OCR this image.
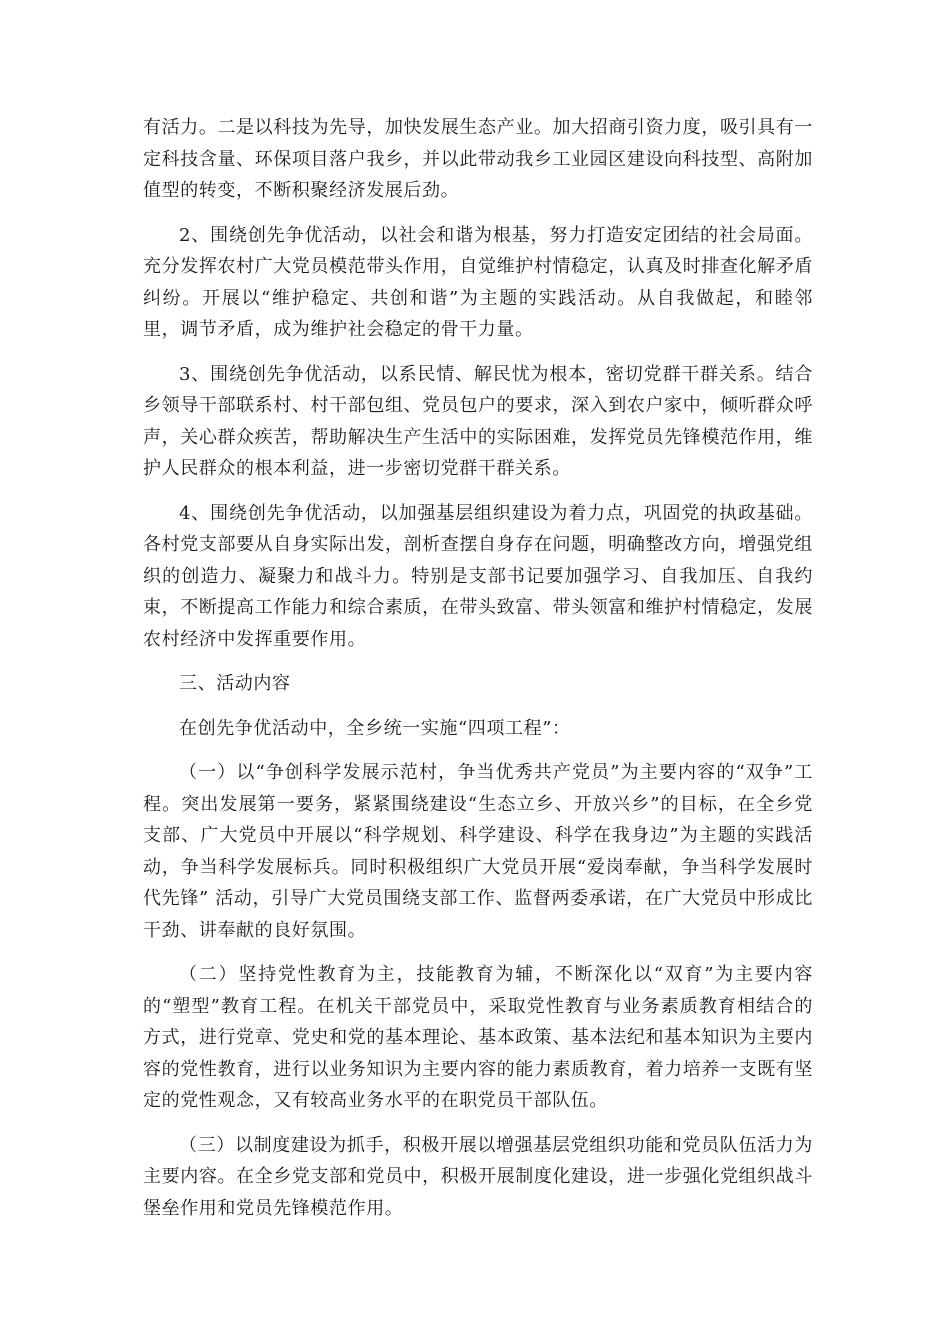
有活力。二是以科技为先导，加快发展生态产业。加大招商引资力度，吸引具有一定科技含量、环保项目落户我乡，并以此带动我乡工业园区建设向科技型、高附加值型的转变，不断积聚经济发展后劲。

2、围绕创先争优活动，以社会和谐为根基，努力打造安定团结的社会局面。充分发挥农村广大党员模范带头作用，自觉维护村情稳定，认真及时排查化解矛盾纠纷。开展以“维护稳定、共创和谐”为主题的实践活动。从自我做起，和睦邻里，调节矛盾，成为维护社会稳定的骨干力量。

3、围绕创先争优活动，以系民情、解民忧为根本，密切党群干群关系。结合乡领导干部联系村、村干部包组、党员包户的要求，深入到农户家中，倾听群众呼声，关心群众疾苦，帮助解决生产生活中的实际困难，发挥党员先锋模范作用，维护人民群众的根本利益，进一步密切党群干群关系。

4、围绕创先争优活动，以加强基层组织建设为着力点，巩固党的执政基础。各村党支部要从自身实际出发，剖析查摆自身存在问题，明确整改方向，增强党组织的创造力、凝聚力和战斗力。特别是支部书记要加强学习、自我加压、自我约束，不断提高工作能力和综合素质，在带头致富、带头领富和维护村情稳定，发展农村经济中发挥重要作用。

三、活动内容

在创先争优活动中，全乡统一实施“四项工程”：

（一）以“争创科学发展示范村，争当优秀共产党员”为主要内容的“双争”工程。突出发展第一要务，紧紧围绕建设“生态立乡、开放兴乡”的目标，在全乡党支部、广大党员中开展以“科学规划、科学建设、科学在我身边”为主题的实践活动，争当科学发展标兵。同时积极组织广大党员开展“爱岗奉献，争当科学发展时代先锋” 活动，引导广大党员围绕支部工作、监督两委承诺，在广大党员中形成比干劲、讲奉献的良好氛围。

（二）坚持党性教育为主，技能教育为辅，不断深化以“双育”为主要内容的“塑型”教育工程。在机关干部党员中，采取党性教育与业务素质教育相结合的方式，进行党章、党史和党的基本理论、基本政策、基本法纪和基本知识为主要内容的党性教育，进行以业务知识为主要内容的能力素质教育，着力培养一支既有坚定的党性观念，又有较高业务水平的在职党员干部队伍。

（三）以制度建设为抓手，积极开展以增强基层党组织功能和党员队伍活力为主要内容。在全乡党支部和党员中，积极开展制度化建设，进一步强化党组织战斗堡垒作用和党员先锋模范作用。
